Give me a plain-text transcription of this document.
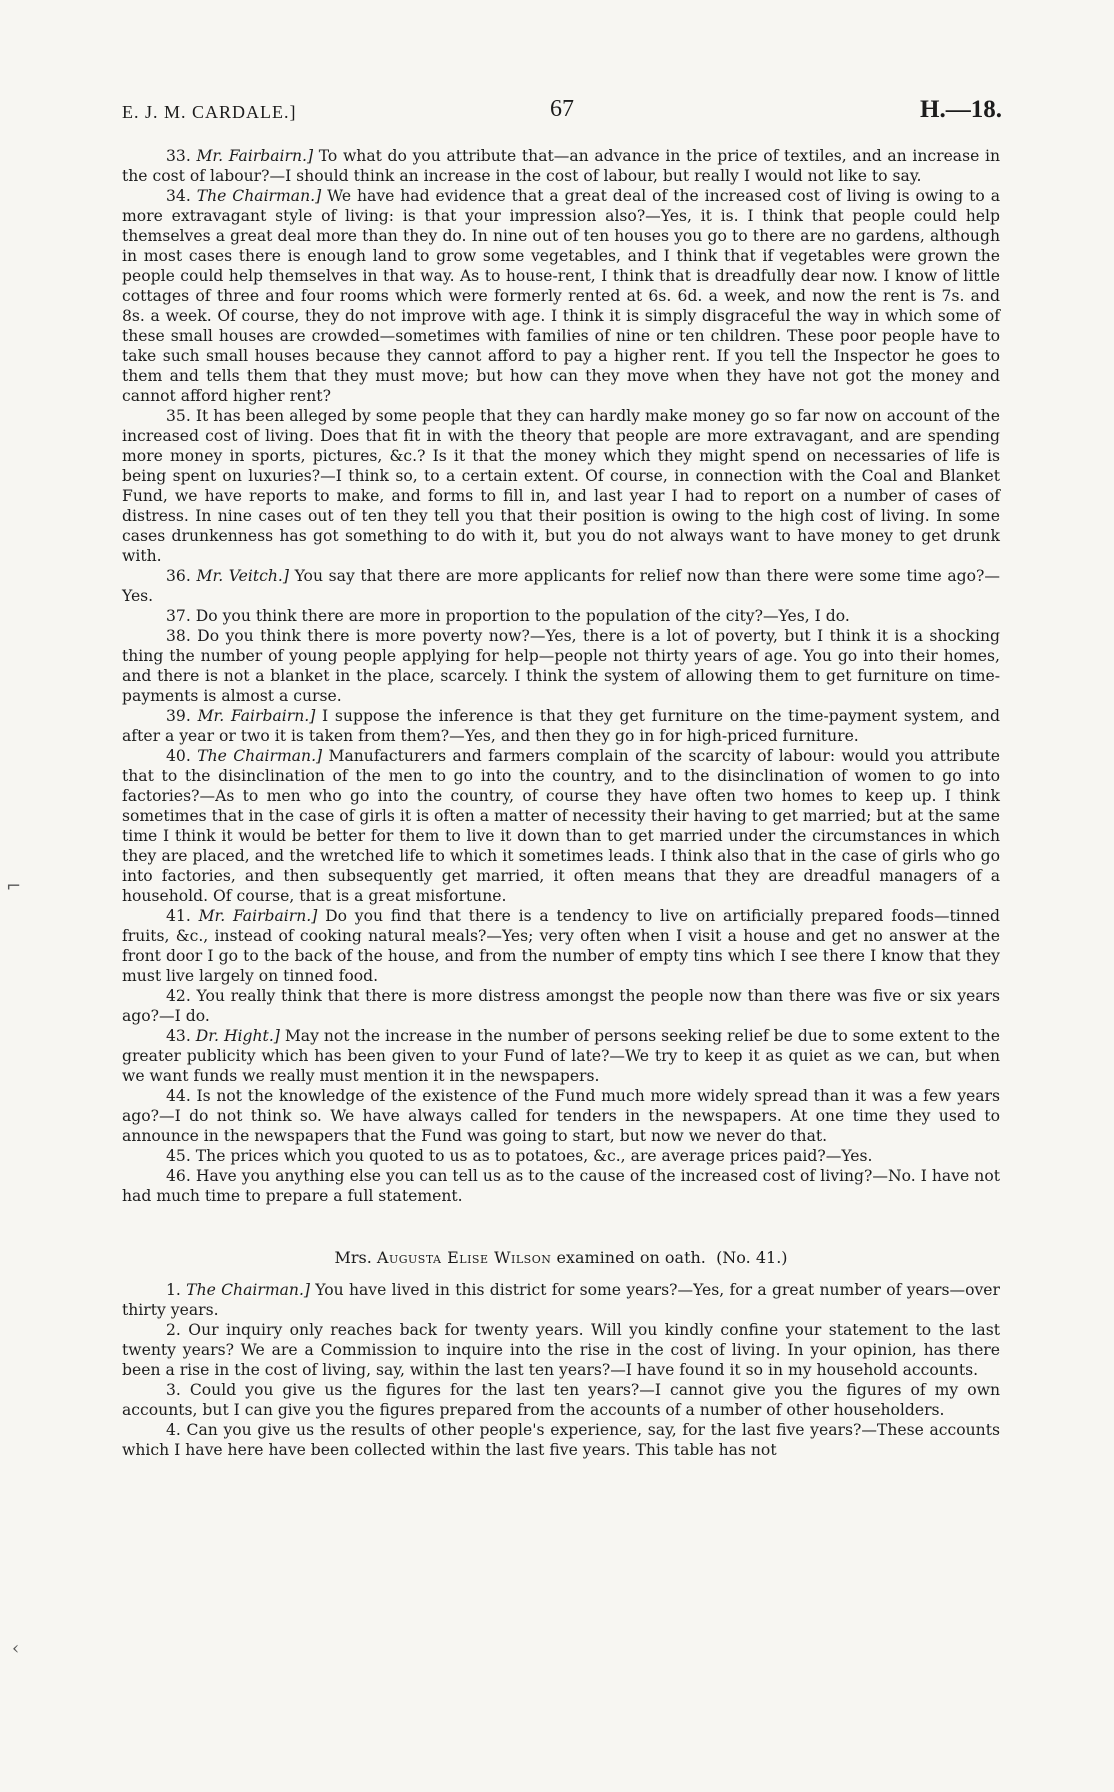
E. J. M. CARDALE.]	67	H.—18.

33. Mr. Fairbairn.] To what do you attribute that—an advance in the price of textiles, and an increase in the cost of labour?—I should think an increase in the cost of labour, but really I would not like to say.

34. The Chairman.] We have had evidence that a great deal of the increased cost of living is owing to a more extravagant style of living: is that your impression also?—Yes, it is. I think that people could help themselves a great deal more than they do. In nine out of ten houses you go to there are no gardens, although in most cases there is enough land to grow some vegetables, and I think that if vegetables were grown the people could help themselves in that way. As to house-rent, I think that is dreadfully dear now. I know of little cottages of three and four rooms which were formerly rented at 6s. 6d. a week, and now the rent is 7s. and 8s. a week. Of course, they do not improve with age. I think it is simply disgraceful the way in which some of these small houses are crowded—sometimes with families of nine or ten children. These poor people have to take such small houses because they cannot afford to pay a higher rent. If you tell the Inspector he goes to them and tells them that they must move; but how can they move when they have not got the money and cannot afford higher rent?

35. It has been alleged by some people that they can hardly make money go so far now on account of the increased cost of living. Does that fit in with the theory that people are more extravagant, and are spending more money in sports, pictures, &c.? Is it that the money which they might spend on necessaries of life is being spent on luxuries?—I think so, to a certain extent. Of course, in connection with the Coal and Blanket Fund, we have reports to make, and forms to fill in, and last year I had to report on a number of cases of distress. In nine cases out of ten they tell you that their position is owing to the high cost of living. In some cases drunkenness has got something to do with it, but you do not always want to have money to get drunk with.

36. Mr. Veitch.] You say that there are more applicants for relief now than there were some time ago?—Yes.

37. Do you think there are more in proportion to the population of the city?—Yes, I do.

38. Do you think there is more poverty now?—Yes, there is a lot of poverty, but I think it is a shocking thing the number of young people applying for help—people not thirty years of age. You go into their homes, and there is not a blanket in the place, scarcely. I think the system of allowing them to get furniture on time-payments is almost a curse.

39. Mr. Fairbairn.] I suppose the inference is that they get furniture on the time-payment system, and after a year or two it is taken from them?—Yes, and then they go in for high-priced furniture.

40. The Chairman.] Manufacturers and farmers complain of the scarcity of labour: would you attribute that to the disinclination of the men to go into the country, and to the disinclination of women to go into factories?—As to men who go into the country, of course they have often two homes to keep up. I think sometimes that in the case of girls it is often a matter of necessity their having to get married; but at the same time I think it would be better for them to live it down than to get married under the circumstances in which they are placed, and the wretched life to which it sometimes leads. I think also that in the case of girls who go into factories, and then subsequently get married, it often means that they are dreadful managers of a household. Of course, that is a great misfortune.

41. Mr. Fairbairn.] Do you find that there is a tendency to live on artificially prepared foods—tinned fruits, &c., instead of cooking natural meals?—Yes; very often when I visit a house and get no answer at the front door I go to the back of the house, and from the number of empty tins which I see there I know that they must live largely on tinned food.

42. You really think that there is more distress amongst the people now than there was five or six years ago?—I do.

43. Dr. Hight.] May not the increase in the number of persons seeking relief be due to some extent to the greater publicity which has been given to your Fund of late?—We try to keep it as quiet as we can, but when we want funds we really must mention it in the newspapers.

44. Is not the knowledge of the existence of the Fund much more widely spread than it was a few years ago?—I do not think so. We have always called for tenders in the newspapers. At one time they used to announce in the newspapers that the Fund was going to start, but now we never do that.

45. The prices which you quoted to us as to potatoes, &c., are average prices paid?—Yes.

46. Have you anything else you can tell us as to the cause of the increased cost of living?—No. I have not had much time to prepare a full statement.

Mrs. Augusta Elise Wilson examined on oath. (No. 41.)

1. The Chairman.] You have lived in this district for some years?—Yes, for a great number of years—over thirty years.

2. Our inquiry only reaches back for twenty years. Will you kindly confine your statement to the last twenty years? We are a Commission to inquire into the rise in the cost of living. In your opinion, has there been a rise in the cost of living, say, within the last ten years?—I have found it so in my household accounts.

3. Could you give us the figures for the last ten years?—I cannot give you the figures of my own accounts, but I can give you the figures prepared from the accounts of a number of other householders.

4. Can you give us the results of other people's experience, say, for the last five years?—These accounts which I have here have been collected within the last five years. This table has not

⌐
‹
